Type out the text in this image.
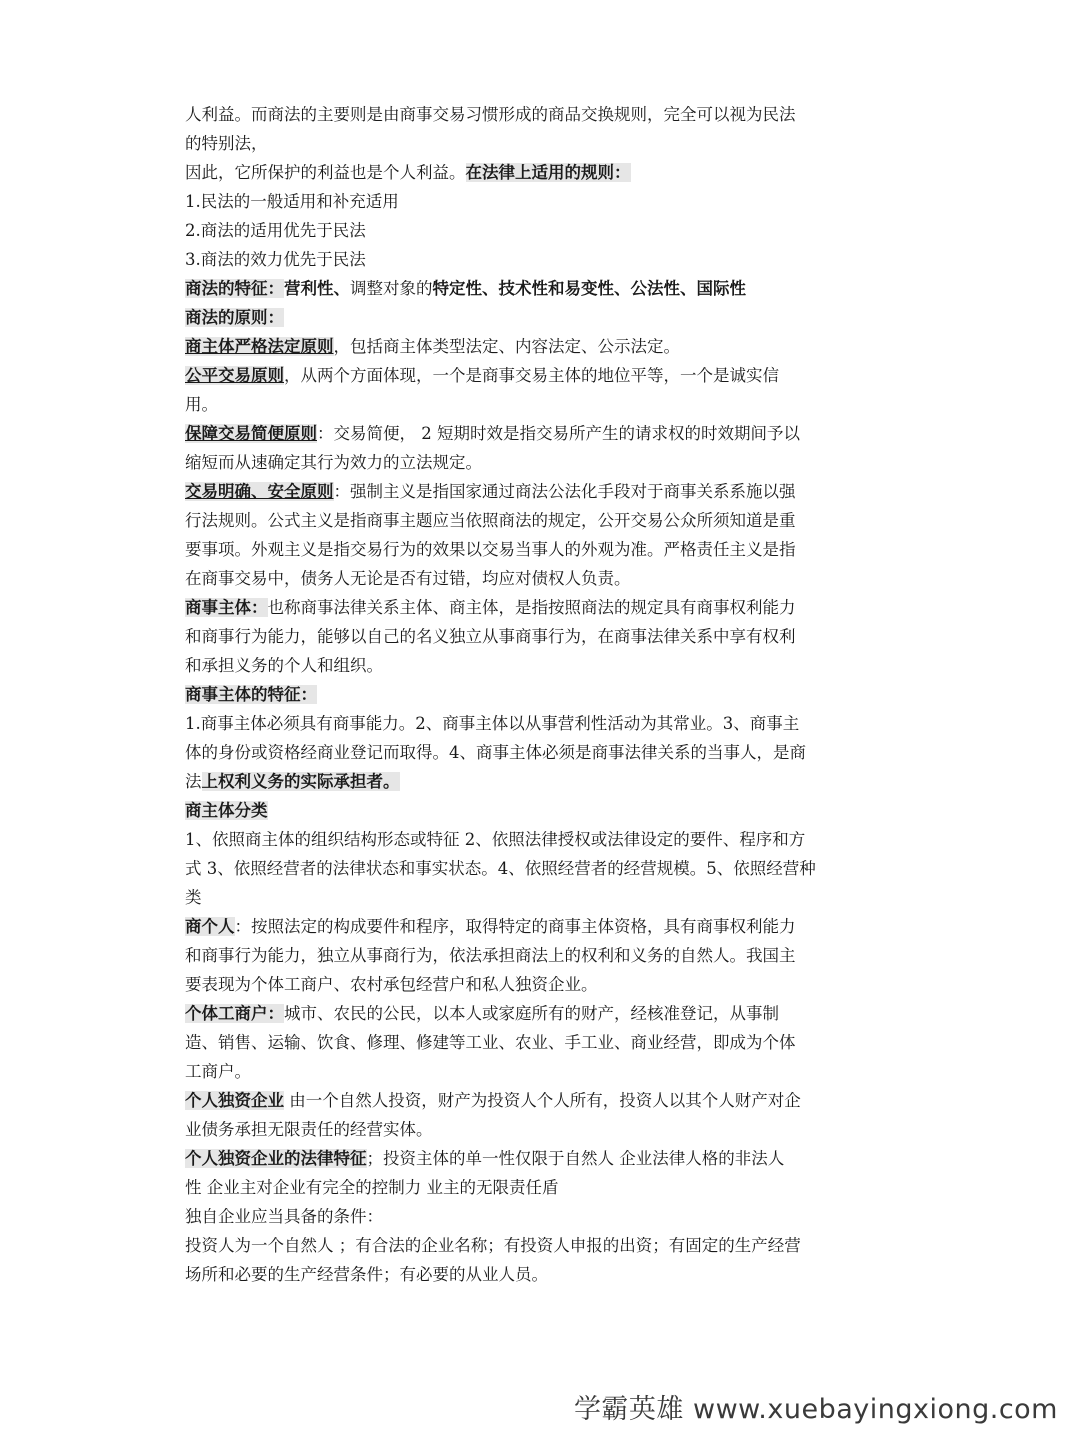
人利益。而商法的主要则是由商事交易习惯形成的商品交换规则，完全可以视为民法
的特别法，
因此，它所保护的利益也是个人利益。在法律上适用的规则：
1.民法的一般适用和补充适用
2.商法的适用优先于民法
3.商法的效力优先于民法
商法的特征：营利性、调整对象的特定性、技术性和易变性、公法性、国际性
商法的原则：
商主体严格法定原则，包括商主体类型法定、内容法定、公示法定。
公平交易原则，从两个方面体现，一个是商事交易主体的地位平等，一个是诚实信
用。
保障交易简便原则：交易简便， 2 短期时效是指交易所产生的请求权的时效期间予以
缩短而从速确定其行为效力的立法规定。
交易明确、安全原则：强制主义是指国家通过商法公法化手段对于商事关系系施以强
行法规则。公式主义是指商事主题应当依照商法的规定，公开交易公众所须知道是重
要事项。外观主义是指交易行为的效果以交易当事人的外观为准。严格责任主义是指
在商事交易中，债务人无论是否有过错，均应对债权人负责。
商事主体：也称商事法律关系主体、商主体，是指按照商法的规定具有商事权利能力
和商事行为能力，能够以自己的名义独立从事商事行为，在商事法律关系中享有权利
和承担义务的个人和组织。
商事主体的特征：
1.商事主体必须具有商事能力。2、商事主体以从事营利性活动为其常业。3、商事主
体的身份或资格经商业登记而取得。4、商事主体必须是商事法律关系的当事人，是商
法上权利义务的实际承担者。
商主体分类
1、依照商主体的组织结构形态或特征 2、依照法律授权或法律设定的要件、程序和方
式 3、依照经营者的法律状态和事实状态。4、依照经营者的经营规模。5、依照经营种
类
商个人：按照法定的构成要件和程序，取得特定的商事主体资格，具有商事权利能力
和商事行为能力，独立从事商行为，依法承担商法上的权利和义务的自然人。我国主
要表现为个体工商户、农村承包经营户和私人独资企业。
个体工商户：城市、农民的公民，以本人或家庭所有的财产，经核准登记，从事制
造、销售、运输、饮食、修理、修建等工业、农业、手工业、商业经营，即成为个体
工商户。
个人独资企业 由一个自然人投资，财产为投资人个人所有，投资人以其个人财产对企
业债务承担无限责任的经营实体。
个人独资企业的法律特征；投资主体的单一性仅限于自然人 企业法律人格的非法人
性 企业主对企业有完全的控制力 业主的无限责任盾
独自企业应当具备的条件：
投资人为一个自然人 ；有合法的企业名称；有投资人申报的出资；有固定的生产经营
场所和必要的生产经营条件；有必要的从业人员。
学霸英雄 www.xuebayingxiong.com
